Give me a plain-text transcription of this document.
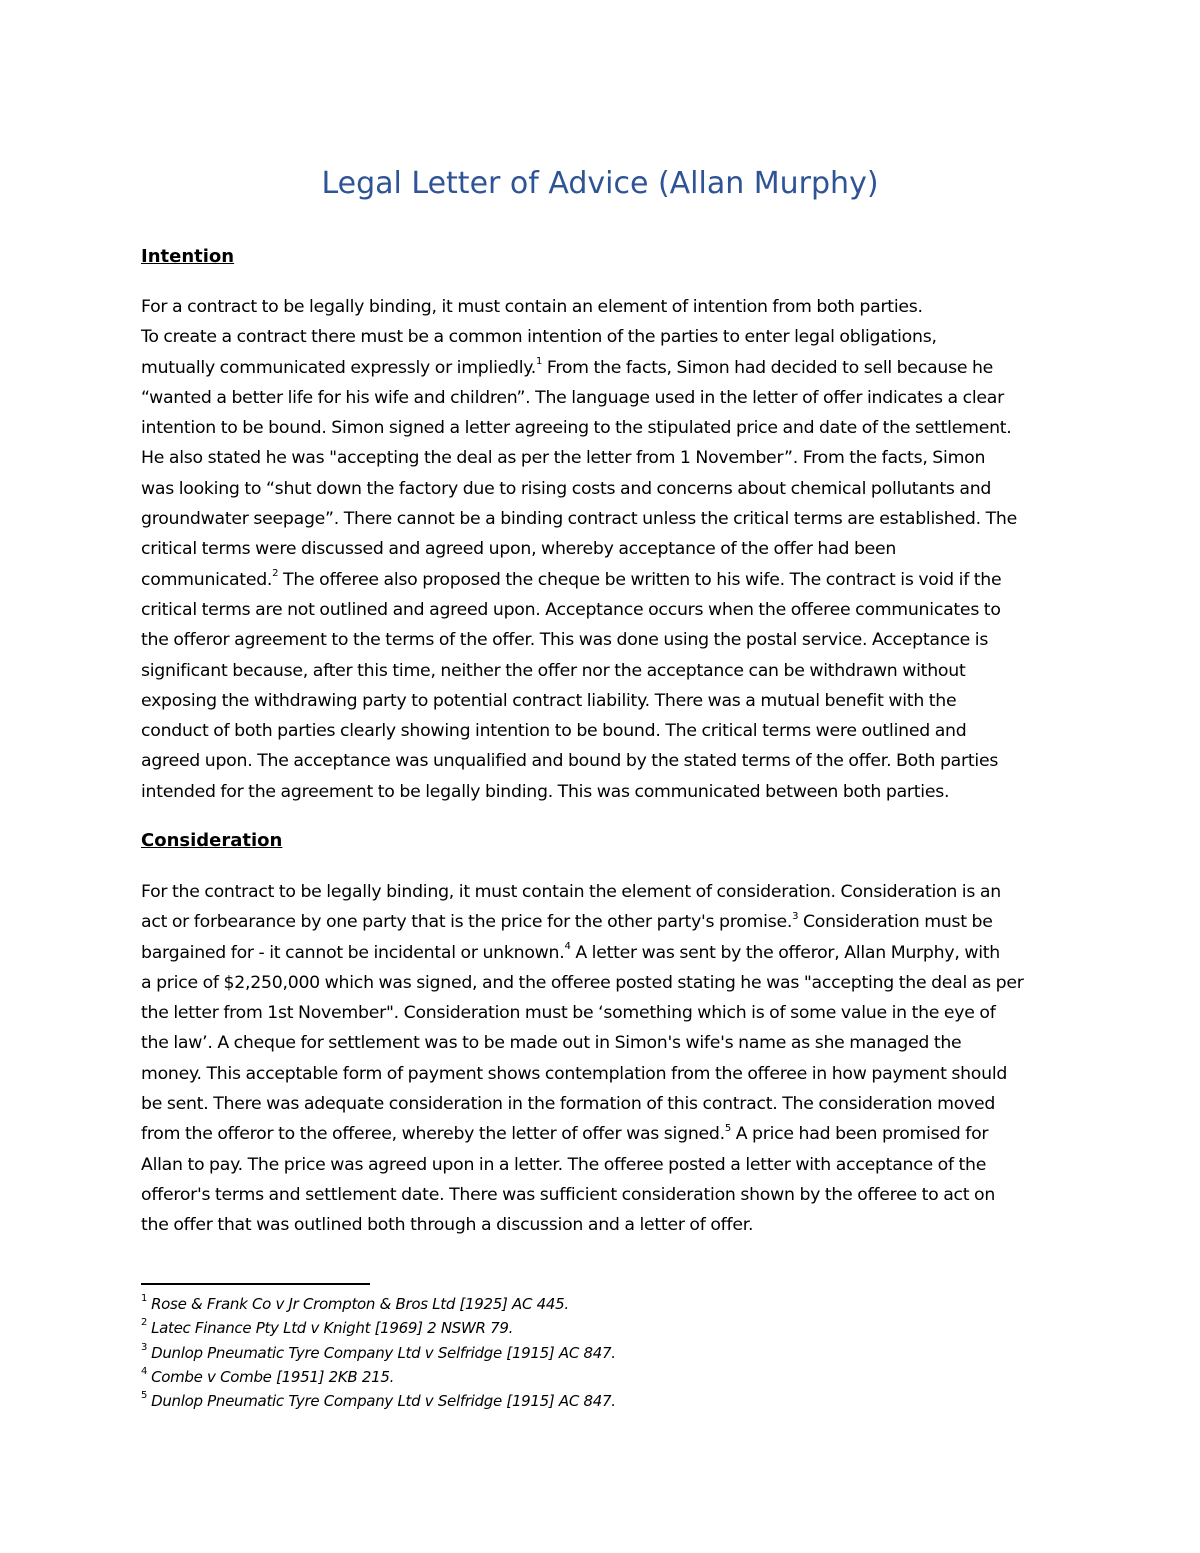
Legal Letter of Advice (Allan Murphy)
Intention
For a contract to be legally binding, it must contain an element of intention from both parties.
To create a contract there must be a common intention of the parties to enter legal obligations,
mutually communicated expressly or impliedly.$^1$ From the facts, Simon had decided to sell because he
“wanted a better life for his wife and children”. The language used in the letter of offer indicates a clear
intention to be bound. Simon signed a letter agreeing to the stipulated price and date of the settlement.
He also stated he was "accepting the deal as per the letter from 1 November”. From the facts, Simon
was looking to “shut down the factory due to rising costs and concerns about chemical pollutants and
groundwater seepage”. There cannot be a binding contract unless the critical terms are established. The
critical terms were discussed and agreed upon, whereby acceptance of the offer had been
communicated.$^2$ The offeree also proposed the cheque be written to his wife. The contract is void if the
critical terms are not outlined and agreed upon. Acceptance occurs when the offeree communicates to
the offeror agreement to the terms of the offer. This was done using the postal service. Acceptance is
significant because, after this time, neither the offer nor the acceptance can be withdrawn without
exposing the withdrawing party to potential contract liability. There was a mutual benefit with the
conduct of both parties clearly showing intention to be bound. The critical terms were outlined and
agreed upon. The acceptance was unqualified and bound by the stated terms of the offer. Both parties
intended for the agreement to be legally binding. This was communicated between both parties.
Consideration
For the contract to be legally binding, it must contain the element of consideration. Consideration is an
act or forbearance by one party that is the price for the other party's promise.$^3$ Consideration must be
bargained for - it cannot be incidental or unknown.$^4$ A letter was sent by the offeror, Allan Murphy, with
a price of $2,250,000 which was signed, and the offeree posted stating he was "accepting the deal as per
the letter from 1st November". Consideration must be ‘something which is of some value in the eye of
the law’. A cheque for settlement was to be made out in Simon's wife's name as she managed the
money. This acceptable form of payment shows contemplation from the offeree in how payment should
be sent. There was adequate consideration in the formation of this contract. The consideration moved
from the offeror to the offeree, whereby the letter of offer was signed.$^5$ A price had been promised for
Allan to pay. The price was agreed upon in a letter. The offeree posted a letter with acceptance of the
offeror's terms and settlement date. There was sufficient consideration shown by the offeree to act on
the offer that was outlined both through a discussion and a letter of offer.
$^1$ Rose & Frank Co v Jr Crompton & Bros Ltd [1925] AC 445.
$^2$ Latec Finance Pty Ltd v Knight [1969] 2 NSWR 79.
$^3$ Dunlop Pneumatic Tyre Company Ltd v Selfridge [1915] AC 847.
$^4$ Combe v Combe [1951] 2KB 215.
$^5$ Dunlop Pneumatic Tyre Company Ltd v Selfridge [1915] AC 847.
